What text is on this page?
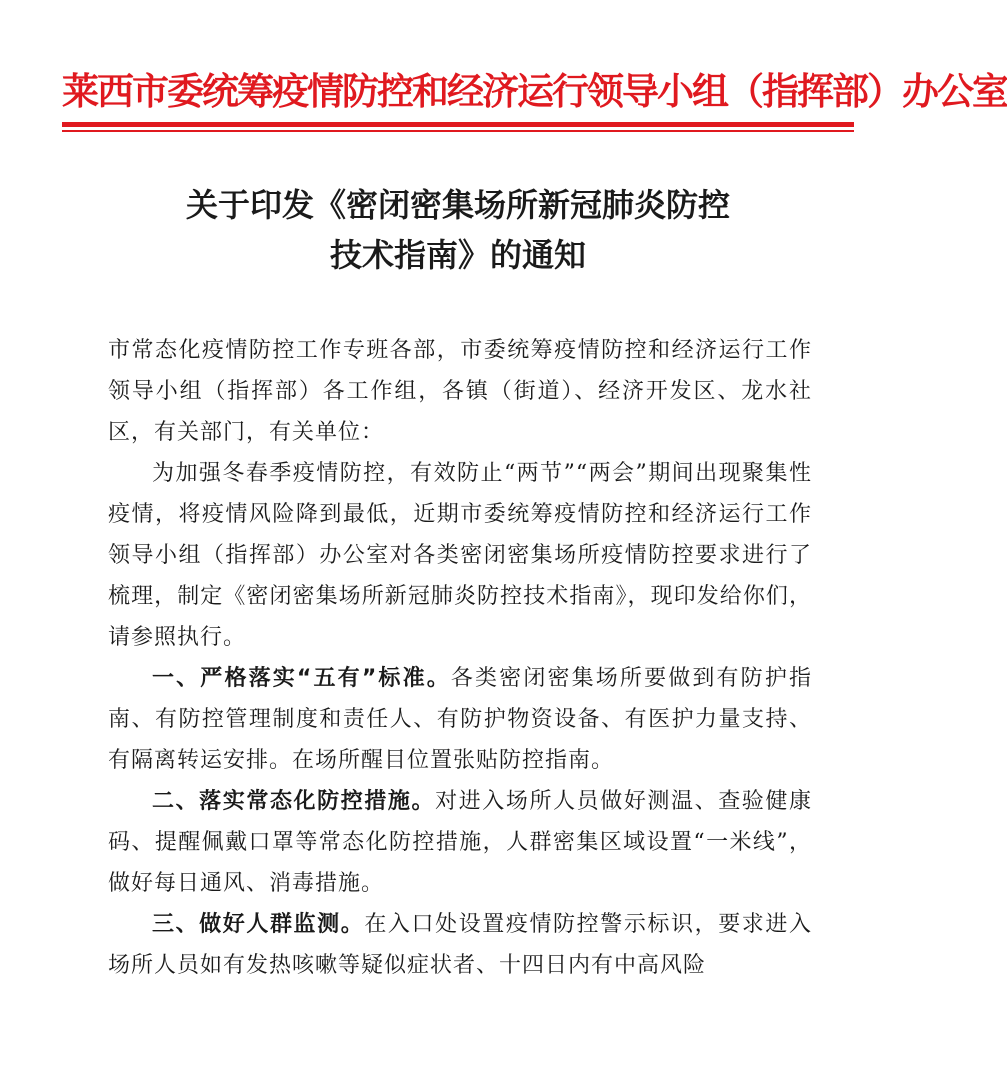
莱西市委统筹疫情防控和经济运行领导小组（指挥部）办公室
关于印发《密闭密集场所新冠肺炎防控
技术指南》的通知

市常态化疫情防控工作专班各部，市委统筹疫情防控和经济运行工作领导小组（指挥部）各工作组，各镇（街道）、经济开发区、龙水社区，有关部门，有关单位：

为加强冬春季疫情防控，有效防止“两节”“两会”期间出现聚集性疫情，将疫情风险降到最低，近期市委统筹疫情防控和经济运行工作领导小组（指挥部）办公室对各类密闭密集场所疫情防控要求进行了梳理，制定《密闭密集场所新冠肺炎防控技术指南》，现印发给你们，请参照执行。

一、严格落实“五有”标准。各类密闭密集场所要做到有防护指南、有防控管理制度和责任人、有防护物资设备、有医护力量支持、有隔离转运安排。在场所醒目位置张贴防控指南。

二、落实常态化防控措施。对进入场所人员做好测温、查验健康码、提醒佩戴口罩等常态化防控措施，人群密集区域设置“一米线”，做好每日通风、消毒措施。

三、做好人群监测。在入口处设置疫情防控警示标识，要求进入场所人员如有发热咳嗽等疑似症状者、十四日内有中高风险
